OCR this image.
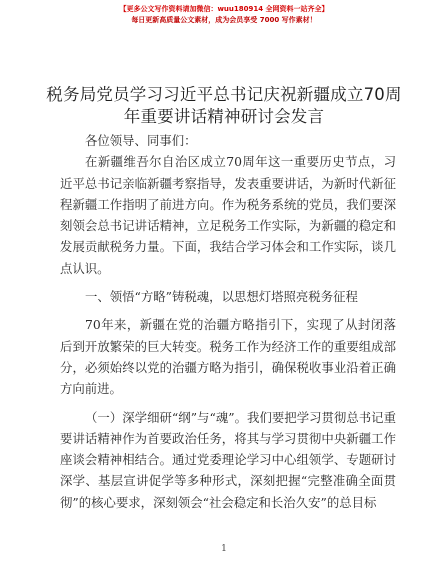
【更多公文写作资料请加微信：wuu180914 全网资料一站齐全】
每日更新高质量公文素材，成为会员享受 7000 写作素材！
税务局党员学习习近平总书记庆祝新疆成立70周年重要讲话精神研讨会发言

各位领导、同事们：

在新疆维吾尔自治区成立70周年这一重要历史节点，习近平总书记亲临新疆考察指导，发表重要讲话，为新时代新征程新疆工作指明了前进方向。作为税务系统的党员，我们要深刻领会总书记讲话精神，立足税务工作实际，为新疆的稳定和发展贡献税务力量。下面，我结合学习体会和工作实际，谈几点认识。

一、领悟“方略”铸税魂，以思想灯塔照亮税务征程

70年来，新疆在党的治疆方略指引下，实现了从封闭落后到开放繁荣的巨大转变。税务工作为经济工作的重要组成部分，必须始终以党的治疆方略为指引，确保税收事业沿着正确方向前进。

（一）深学细研“纲”与“魂”。我们要把学习贯彻总书记重要讲话精神作为首要政治任务，将其与学习贯彻中央新疆工作座谈会精神相结合。通过党委理论学习中心组领学、专题研讨深学、基层宣讲促学等多种形式，深刻把握“完整准确全面贯彻”的核心要求，深刻领会“社会稳定和长治久安”的总目标

1
